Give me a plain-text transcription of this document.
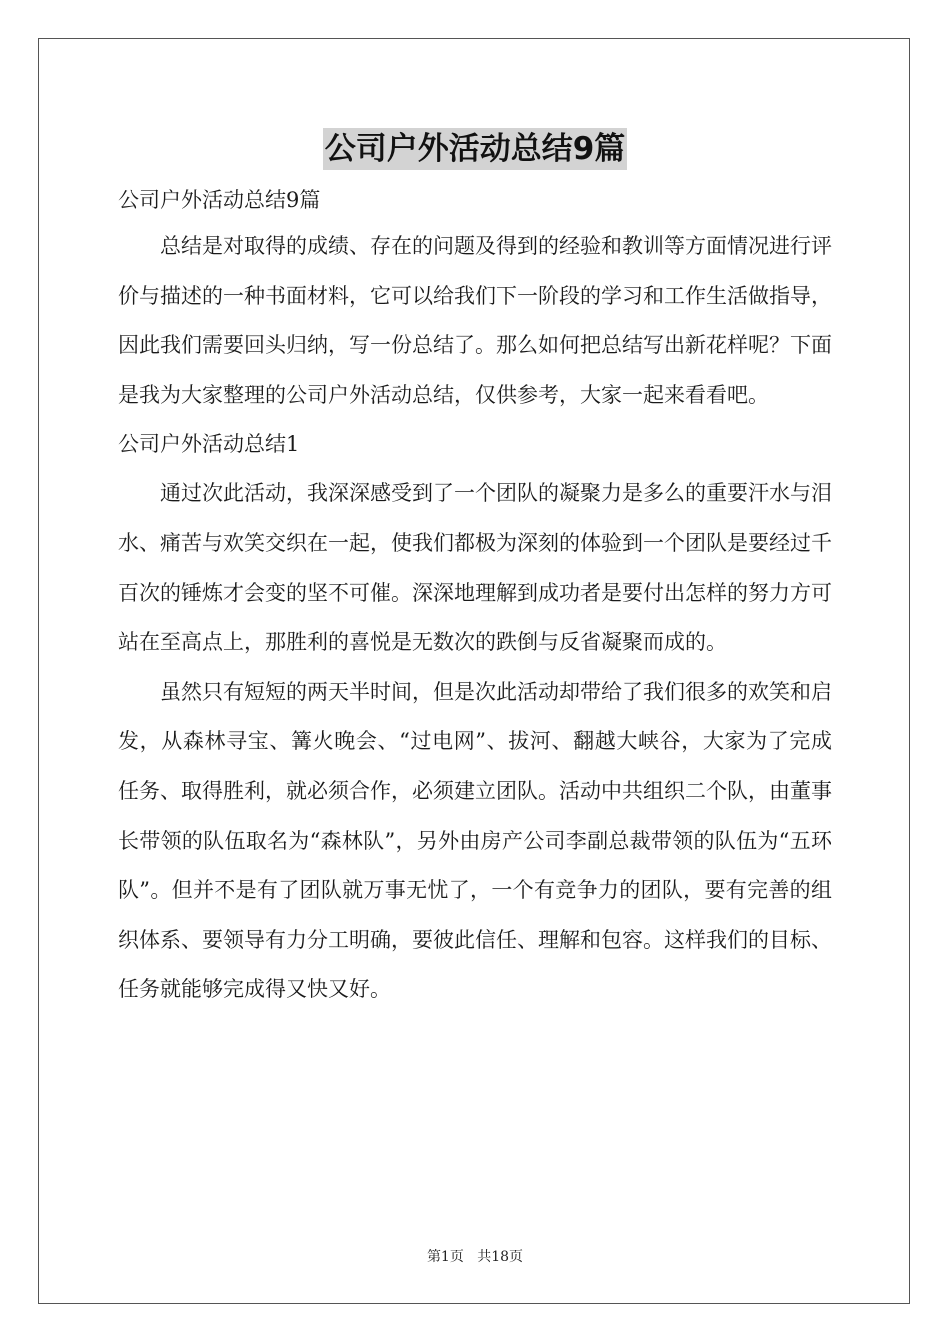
公司户外活动总结9篇

公司户外活动总结9篇

总结是对取得的成绩、存在的问题及得到的经验和教训等方面情况进行评价与描述的一种书面材料，它可以给我们下一阶段的学习和工作生活做指导，因此我们需要回头归纳，写一份总结了。那么如何把总结写出新花样呢？下面是我为大家整理的公司户外活动总结，仅供参考，大家一起来看看吧。

公司户外活动总结1

通过次此活动，我深深感受到了一个团队的凝聚力是多么的重要汗水与泪水、痛苦与欢笑交织在一起，使我们都极为深刻的体验到一个团队是要经过千百次的锤炼才会变的坚不可催。深深地理解到成功者是要付出怎样的努力方可站在至高点上，那胜利的喜悦是无数次的跌倒与反省凝聚而成的。

虽然只有短短的两天半时间，但是次此活动却带给了我们很多的欢笑和启发，从森林寻宝、篝火晚会、“过电网”、拔河、翻越大峡谷，大家为了完成任务、取得胜利，就必须合作，必须建立团队。活动中共组织二个队，由董事长带领的队伍取名为“森林队”，另外由房产公司李副总裁带领的队伍为“五环队”。但并不是有了团队就万事无忧了，一个有竞争力的团队，要有完善的组织体系、要领导有力分工明确，要彼此信任、理解和包容。这样我们的目标、任务就能够完成得又快又好。

第1页 共18页
